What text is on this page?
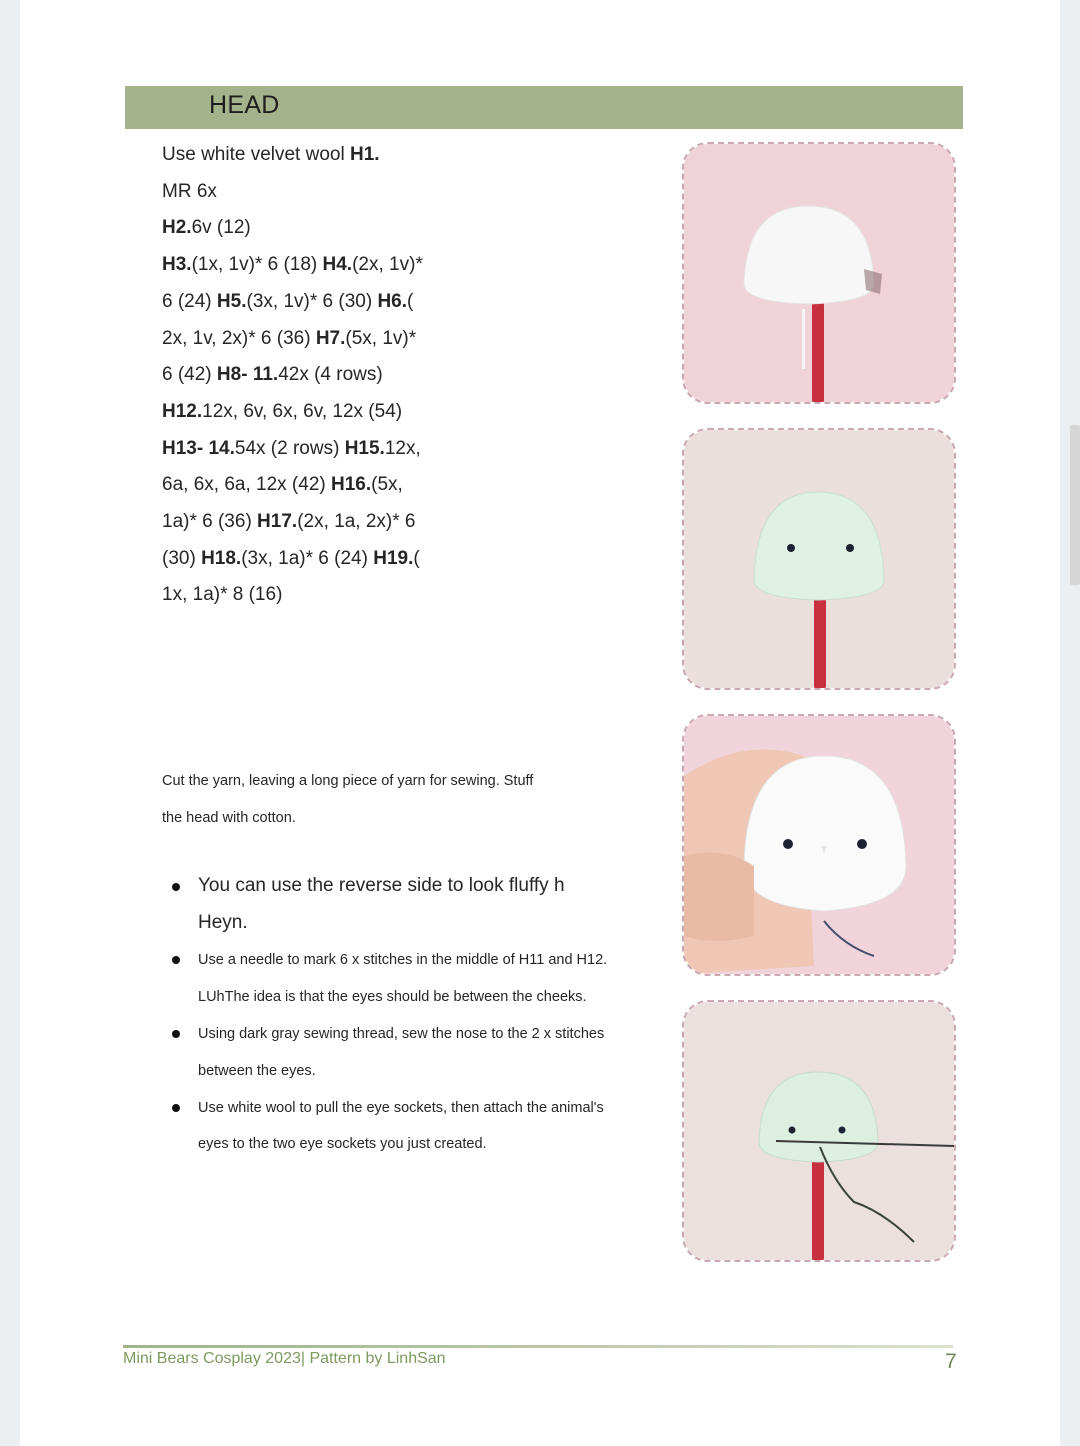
HEAD
Use white velvet wool H1.
MR 6x
H2.6v (12)
H3.(1x, 1v)* 6 (18) H4.(2x, 1v)*
6 (24) H5.(3x, 1v)* 6 (30) H6.(
2x, 1v, 2x)* 6 (36) H7.(5x, 1v)*
6 (42) H8- 11.42x (4 rows)
H12.12x, 6v, 6x, 6v, 12x (54)
H13- 14.54x (2 rows) H15.12x,
6a, 6x, 6a, 12x (42) H16.(5x,
1a)* 6 (36) H17.(2x, 1a, 2x)* 6
(30) H18.(3x, 1a)* 6 (24) H19.(
1x, 1a)* 8 (16)
Cut the yarn, leaving a long piece of yarn for sewing. Stuff
the head with cotton.
You can use the reverse side to look fluffy h
Heyn.
Use a needle to mark 6 x stitches in the middle of H11 and H12.
LUhThe idea is that the eyes should be between the cheeks.
Using dark gray sewing thread, sew the nose to the 2 x stitches
between the eyes.
Use white wool to pull the eye sockets, then attach the animal's
eyes to the two eye sockets you just created.
Mini Bears Cosplay 2023| Pattern by LinhSan	7
